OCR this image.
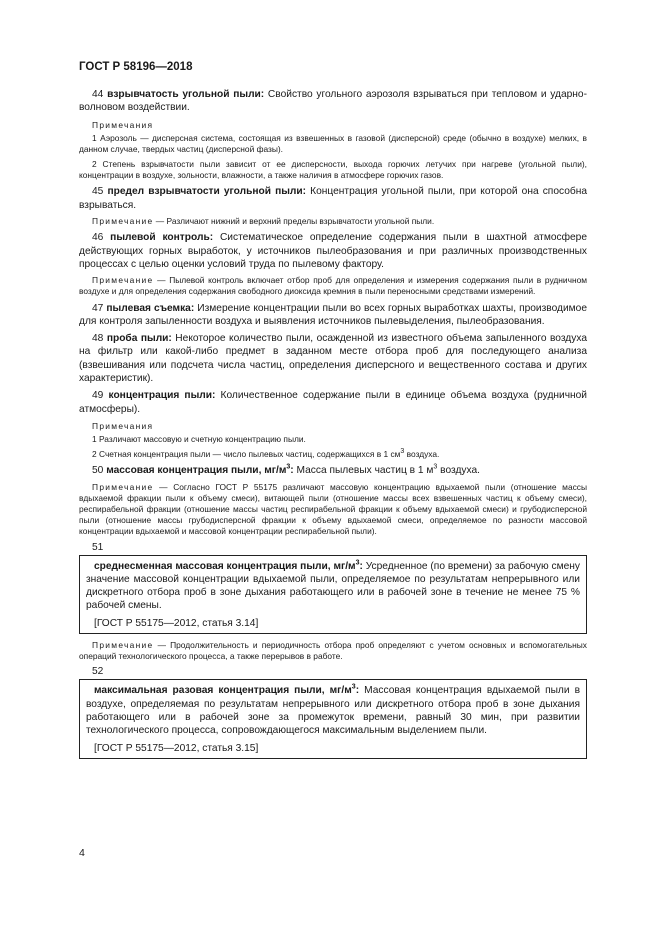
ГОСТ Р 58196—2018

44 взрывчатость угольной пыли: Свойство угольного аэрозоля взрываться при тепловом и ударно-волновом воздействии.

Примечания

1 Аэрозоль — дисперсная система, состоящая из взвешенных в газовой (дисперсной) среде (обычно в воздухе) мелких, в данном случае, твердых частиц (дисперсной фазы).

2 Степень взрывчатости пыли зависит от ее дисперсности, выхода горючих летучих при нагреве (угольной пыли), концентрации в воздухе, зольности, влажности, а также наличия в атмосфере горючих газов.

45 предел взрывчатости угольной пыли: Концентрация угольной пыли, при которой она способна взрываться.

Примечание — Различают нижний и верхний пределы взрывчатости угольной пыли.

46 пылевой контроль: Систематическое определение содержания пыли в шахтной атмосфере действующих горных выработок, у источников пылеобразования и при различных производственных процессах с целью оценки условий труда по пылевому фактору.

Примечание — Пылевой контроль включает отбор проб для определения и измерения содержания пыли в рудничном воздухе и для определения содержания свободного диоксида кремния в пыли переносными средствами измерений.

47 пылевая съемка: Измерение концентрации пыли во всех горных выработках шахты, производимое для контроля запыленности воздуха и выявления источников пылевыделения, пылеобразования.

48 проба пыли: Некоторое количество пыли, осажденной из известного объема запыленного воздуха на фильтр или какой-либо предмет в заданном месте отбора проб для последующего анализа (взвешивания или подсчета числа частиц, определения дисперсного и вещественного состава и других характеристик).

49 концентрация пыли: Количественное содержание пыли в единице объема воздуха (рудничной атмосферы).

Примечания

1 Различают массовую и счетную концентрацию пыли.

2 Счетная концентрация пыли — число пылевых частиц, содержащихся в 1 $см^3$ воздуха.

50 массовая концентрация пыли, $мг/м^3$: Масса пылевых частиц в 1 $м^3$ воздуха.

Примечание — Согласно ГОСТ Р 55175 различают массовую концентрацию вдыхаемой пыли (отношение массы вдыхаемой фракции пыли к объему смеси), витающей пыли (отношение массы всех взвешенных частиц к объему смеси), респирабельной фракции (отношение массы частиц респирабельной фракции к объему вдыхаемой смеси) и грубодисперсной пыли (отношение массы грубодисперсной фракции к объему вдыхаемой смеси, определяемое по разности массовой концентрации вдыхаемой и массовой концентрации респирабельной пыли).

51

среднесменная массовая концентрация пыли, $мг/м^3$: Усредненное (по времени) за рабочую смену значение массовой концентрации вдыхаемой пыли, определяемое по результатам непрерывного или дискретного отбора проб в зоне дыхания работающего или в рабочей зоне в течение не менее 75 % рабочей смены.

[ГОСТ Р 55175—2012, статья 3.14]

Примечание — Продолжительность и периодичность отбора проб определяют с учетом основных и вспомогательных операций технологического процесса, а также перерывов в работе.

52

максимальная разовая концентрация пыли, $мг/м^3$: Массовая концентрация вдыхаемой пыли в воздухе, определяемая по результатам непрерывного или дискретного отбора проб в зоне дыхания работающего или в рабочей зоне за промежуток времени, равный 30 мин, при развитии технологического процесса, сопровождающегося максимальным выделением пыли.

[ГОСТ Р 55175—2012, статья 3.15]
4
